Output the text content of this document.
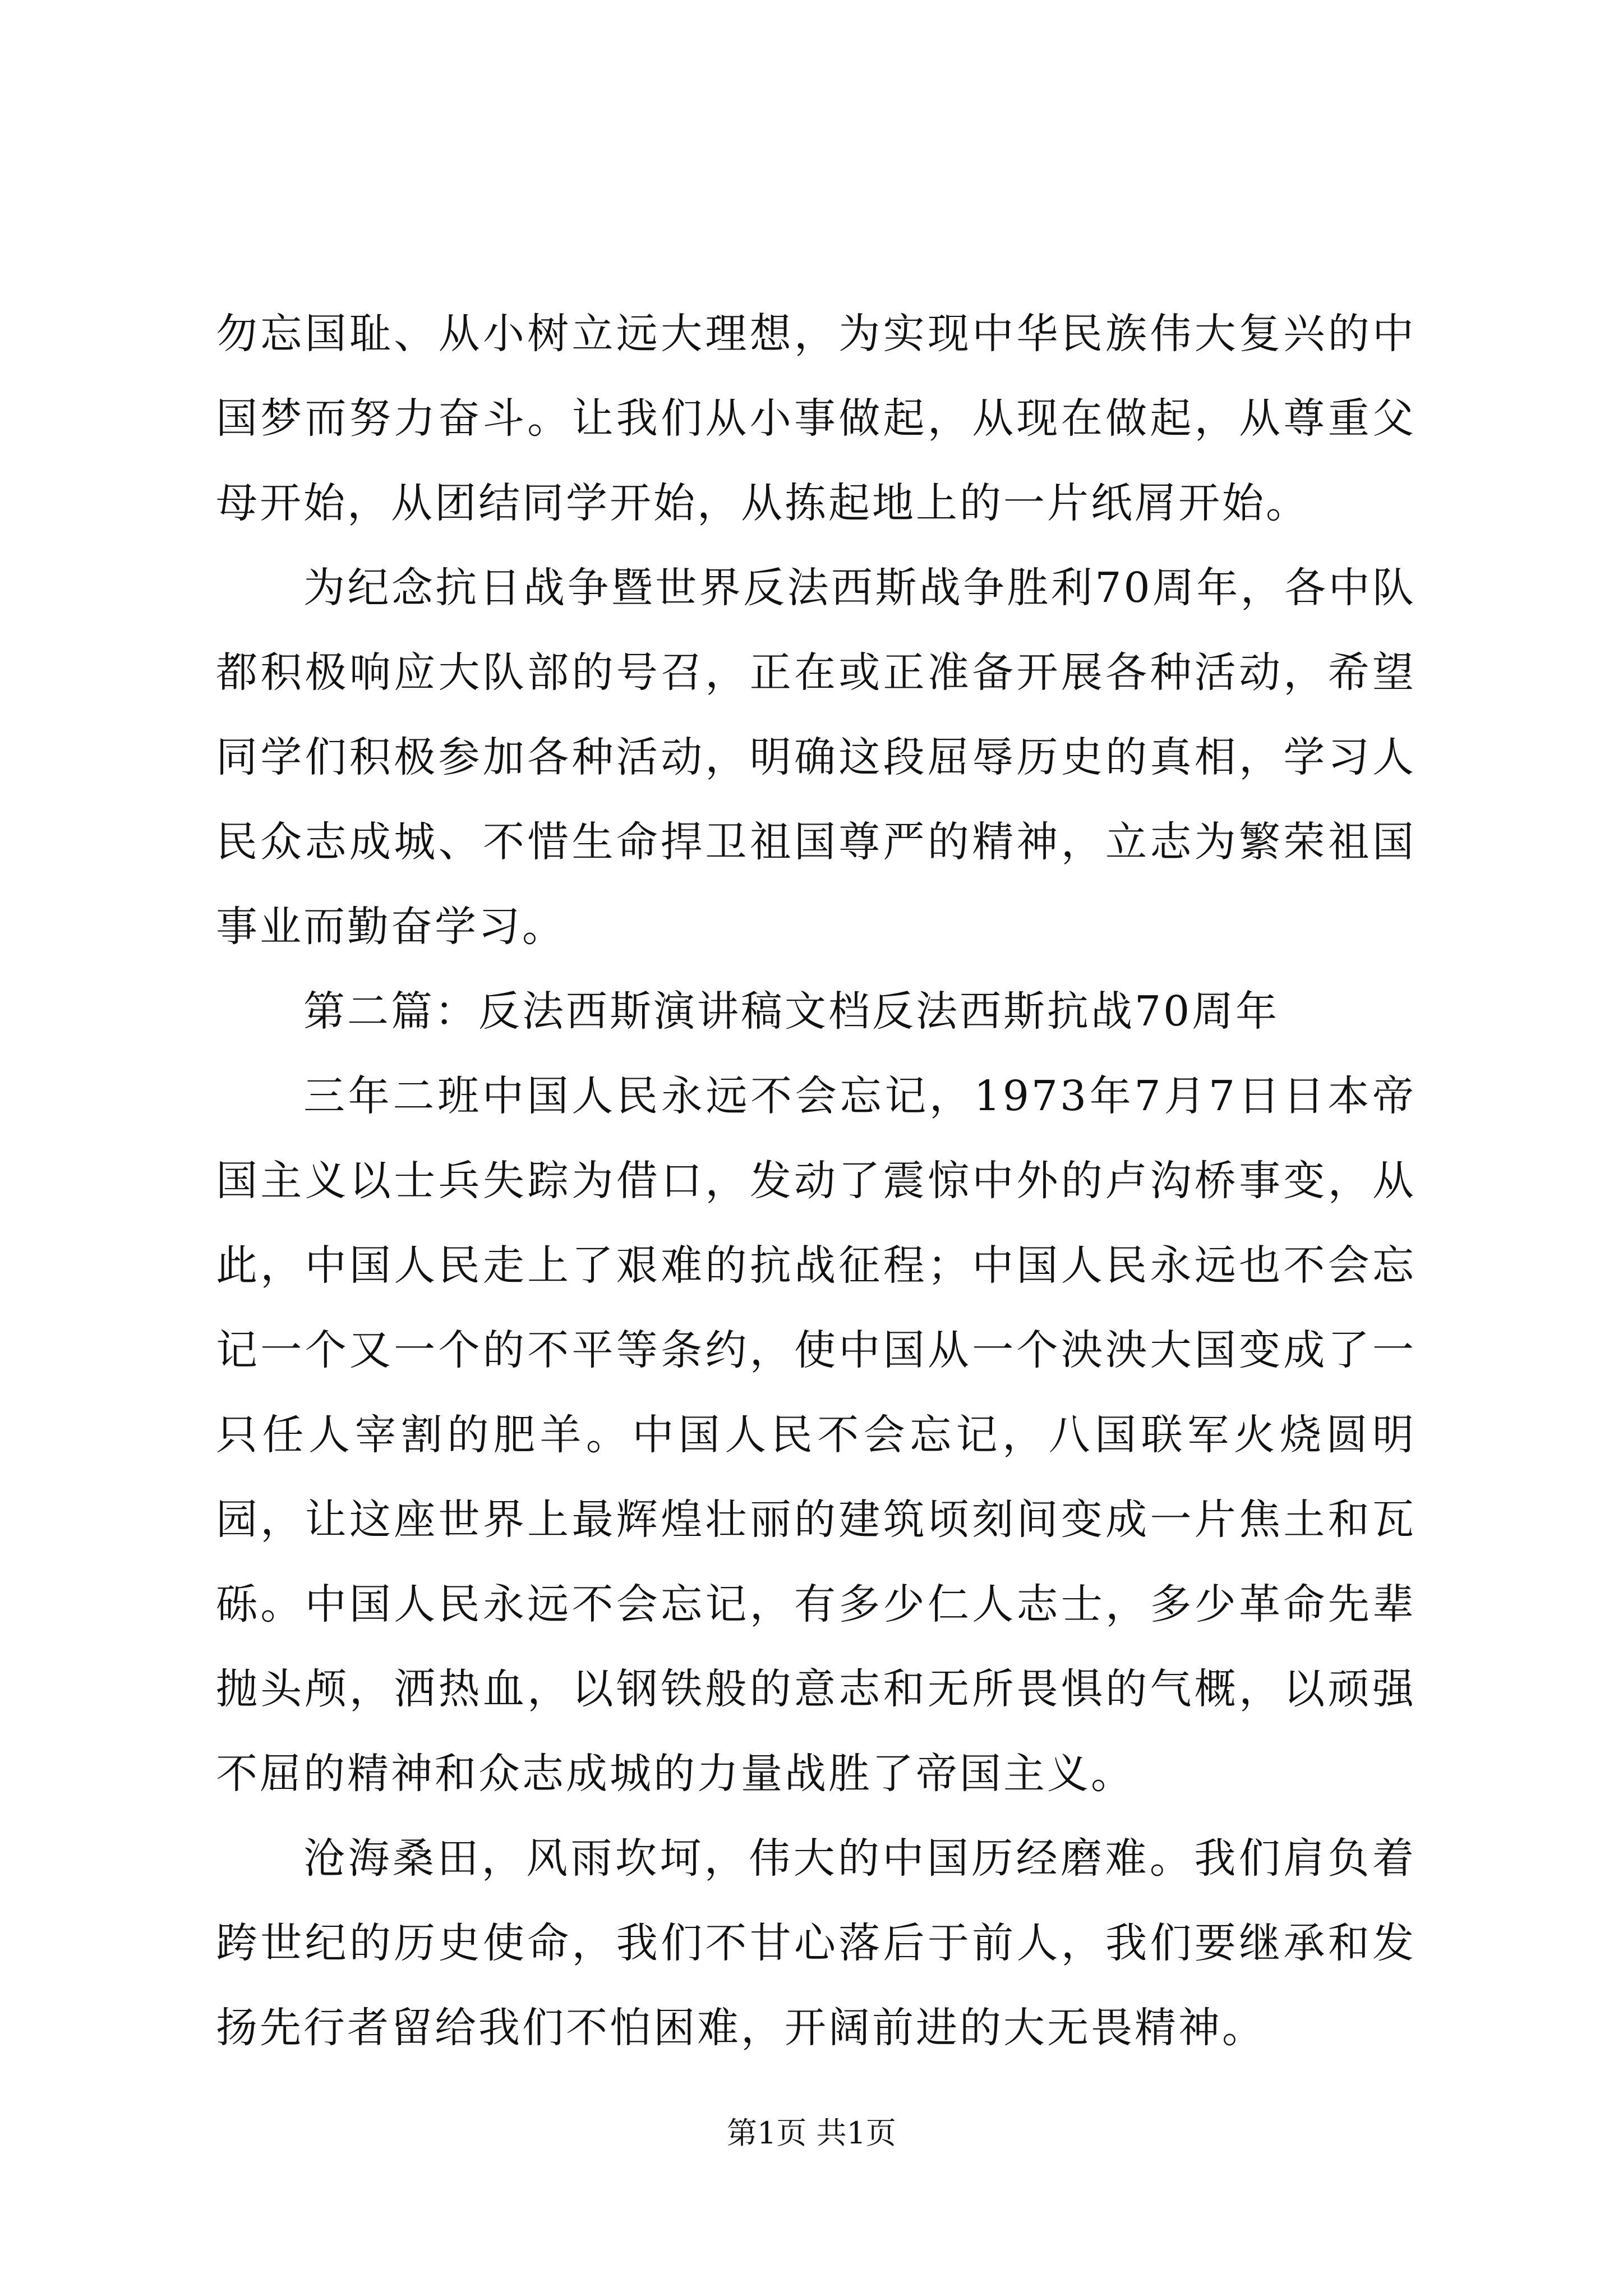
勿忘国耻、从小树立远大理想，为实现中华民族伟大复兴的中国梦而努力奋斗。让我们从小事做起，从现在做起，从尊重父母开始，从团结同学开始，从拣起地上的一片纸屑开始。

为纪念抗日战争暨世界反法西斯战争胜利70周年，各中队都积极响应大队部的号召，正在或正准备开展各种活动，希望同学们积极参加各种活动，明确这段屈辱历史的真相，学习人民众志成城、不惜生命捍卫祖国尊严的精神，立志为繁荣祖国事业而勤奋学习。

第二篇：反法西斯演讲稿文档反法西斯抗战70周年

三年二班中国人民永远不会忘记，1973年7月7日日本帝国主义以士兵失踪为借口，发动了震惊中外的卢沟桥事变，从此，中国人民走上了艰难的抗战征程；中国人民永远也不会忘记一个又一个的不平等条约，使中国从一个泱泱大国变成了一只任人宰割的肥羊。中国人民不会忘记，八国联军火烧圆明园，让这座世界上最辉煌壮丽的建筑顷刻间变成一片焦土和瓦砾。中国人民永远不会忘记，有多少仁人志士，多少革命先辈抛头颅，洒热血，以钢铁般的意志和无所畏惧的气概，以顽强不屈的精神和众志成城的力量战胜了帝国主义。

沧海桑田，风雨坎坷，伟大的中国历经磨难。我们肩负着跨世纪的历史使命，我们不甘心落后于前人，我们要继承和发扬先行者留给我们不怕困难，开阔前进的大无畏精神。

第1页 共1页
